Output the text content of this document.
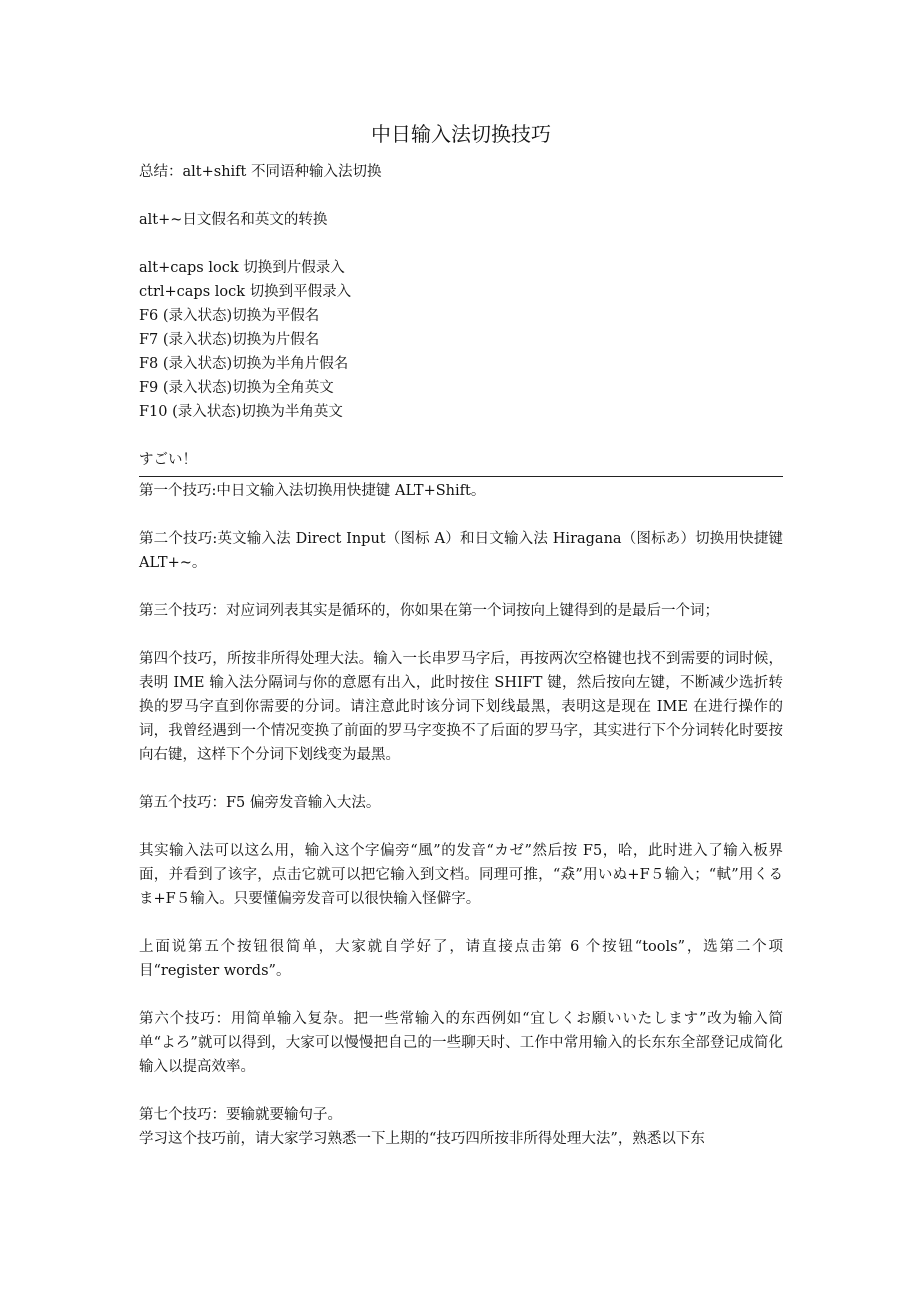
中日输入法切换技巧

总结：alt+shift 不同语种输入法切换

alt+~日文假名和英文的转换

alt+caps lock 切换到片假录入

ctrl+caps lock 切换到平假录入

F6 (录入状态)切换为平假名

F7 (录入状态)切换为片假名

F8 (录入状态)切换为半角片假名

F9 (录入状态)切换为全角英文

F10 (录入状态)切换为半角英文

すごい！

第一个技巧:中日文输入法切换用快捷键 ALT+Shift。

第二个技巧:英文输入法 Direct Input（图标 A）和日文输入法 Hiragana（图标あ）切换用快捷键 ALT+~。

第三个技巧：对应词列表其实是循环的，你如果在第一个词按向上键得到的是最后一个词；

第四个技巧，所按非所得处理大法。输入一长串罗马字后，再按两次空格键也找不到需要的词时候，表明 IME 输入法分隔词与你的意愿有出入，此时按住 SHIFT 键，然后按向左键，不断减少选折转换的罗马字直到你需要的分词。请注意此时该分词下划线最黑，表明这是现在 IME 在进行操作的词，我曾经遇到一个情况变换了前面的罗马字变换不了后面的罗马字，其实进行下个分词转化时要按向右键，这样下个分词下划线变为最黑。

第五个技巧：F5 偏旁发音输入大法。

其实输入法可以这么用，输入这个字偏旁“風”的发音“カゼ”然后按 F5，哈，此时进入了输入板界面，并看到了该字，点击它就可以把它输入到文档。同理可推，“猋”用いぬ+F５输入；“軾”用くるま+F５输入。只要懂偏旁发音可以很快输入怪僻字。

上面说第五个按钮很简单，大家就自学好了，请直接点击第 6 个按钮“tools”，选第二个项目“register words”。

第六个技巧：用简单输入复杂。把一些常输入的东西例如“宜しくお願いいたします”改为输入简单“よろ”就可以得到，大家可以慢慢把自己的一些聊天时、工作中常用输入的长东东全部登记成简化输入以提高效率。

第七个技巧：要输就要输句子。

学习这个技巧前，请大家学习熟悉一下上期的“技巧四所按非所得处理大法”，熟悉以下东
